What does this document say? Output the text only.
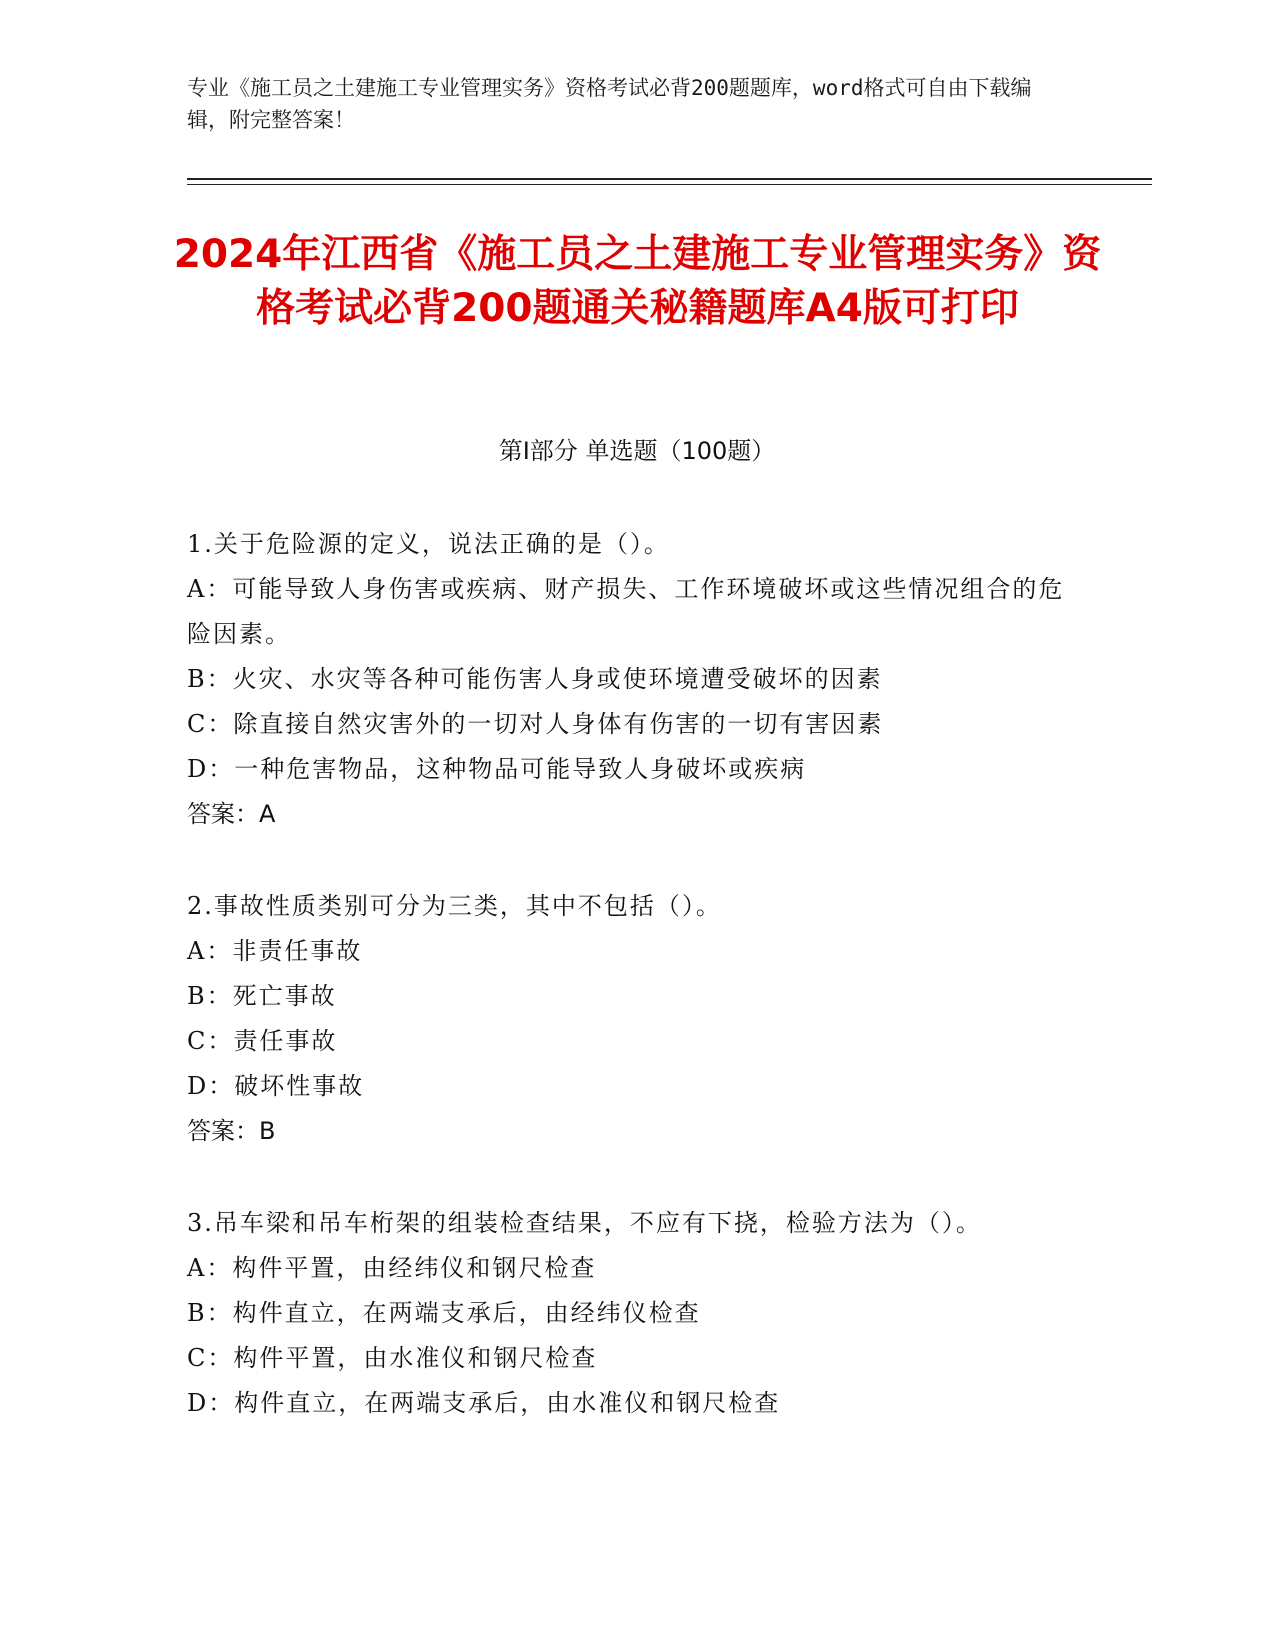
专业《施工员之土建施工专业管理实务》资格考试必背200题题库，word格式可自由下载编辑，附完整答案！
2024年江西省《施工员之土建施工专业管理实务》资格考试必背200题通关秘籍题库A4版可打印
第Ⅰ部分 单选题（100题）
1.关于危险源的定义，说法正确的是（）。
A：可能导致人身伤害或疾病、财产损失、工作环境破坏或这些情况组合的危险因素。
B：火灾、水灾等各种可能伤害人身或使环境遭受破坏的因素
C：除直接自然灾害外的一切对人身体有伤害的一切有害因素
D：一种危害物品，这种物品可能导致人身破坏或疾病
答案：A
2.事故性质类别可分为三类，其中不包括（）。
A：非责任事故
B：死亡事故
C：责任事故
D：破坏性事故
答案：B
3.吊车梁和吊车桁架的组装检查结果，不应有下挠，检验方法为（）。
A：构件平置，由经纬仪和钢尺检查
B：构件直立，在两端支承后，由经纬仪检查
C：构件平置，由水准仪和钢尺检查
D：构件直立，在两端支承后，由水准仪和钢尺检查
